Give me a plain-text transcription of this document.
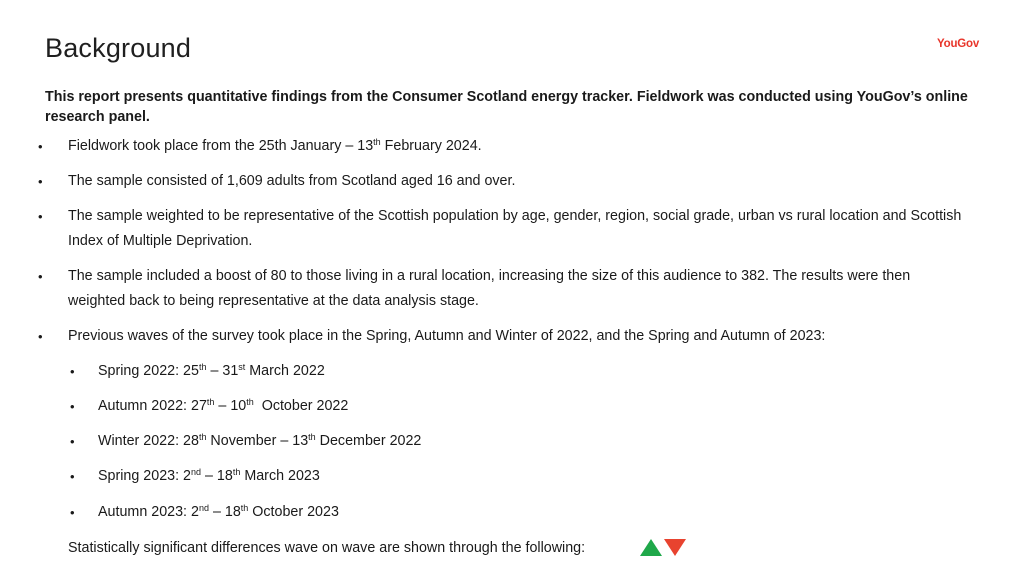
Background	YouGov
This report presents quantitative findings from the Consumer Scotland energy tracker. Fieldwork was conducted using YouGov’s online research panel.
• Fieldwork took place from the 25th January – 13th February 2024.
• The sample consisted of 1,609 adults from Scotland aged 16 and over.
• The sample weighted to be representative of the Scottish population by age, gender, region, social grade, urban vs rural location and Scottish Index of Multiple Deprivation.
• The sample included a boost of 80 to those living in a rural location, increasing the size of this audience to 382. The results were then weighted back to being representative at the data analysis stage.
• Previous waves of the survey took place in the Spring, Autumn and Winter of 2022, and the Spring and Autumn of 2023:
• Spring 2022: 25th – 31st March 2022
• Autumn 2022: 27th – 10th  October 2022
• Winter 2022: 28th November – 13th December 2022
• Spring 2023: 2nd – 18th March 2023
• Autumn 2023: 2nd – 18th October 2023
Statistically significant differences wave on wave are shown through the following:
